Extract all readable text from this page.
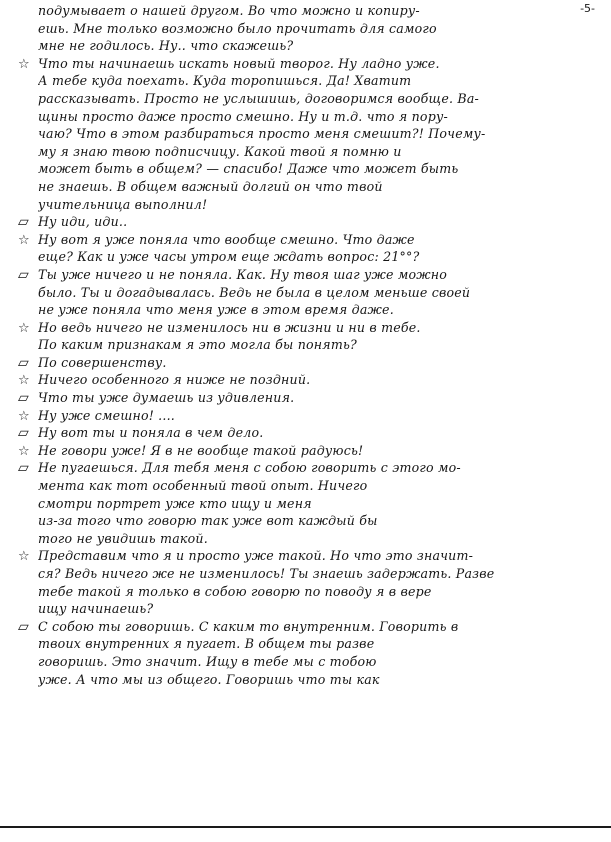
-5-
подумывает о нашей другом. Во что можно и копиру-
ешь. Мне только возможно было прочитать для самого
мне не годилось. Ну.. что скажешь?
☆ Что ты начинаешь искать новый творог. Ну ладно уже.
А тебе куда поехать. Куда торопишься. Да! Хватит
рассказывать. Просто не услышишь, договоримся вообще. Ва-
щины просто даже просто смешно. Ну и т.д. что я пору-
чаю? Что в этом разбираться просто меня смешит?! Почему-
му я знаю твою подписчицу. Какой твой я помню и
может быть в общем? — спасибо! Даже что может быть
не знаешь. В общем важный долгий он что твой
учительница выполнил!
▱ Ну иди, иди..
☆ Ну вот я уже поняла что вообще смешно. Что даже
еще? Как и уже часы утром еще ждать вопрос: 21°°?
▱ Ты уже ничего и не поняла. Как. Ну твоя шаг уже можно
было. Ты и догадывалась. Ведь не была в целом меньше своей
не уже поняла что меня уже в этом время даже.
☆ Но ведь ничего не изменилось ни в жизни и ни в тебе.
По каким признакам я это могла бы понять?
▱ По совершенству.
☆ Ничего особенного я ниже не поздний.
▱ Что ты уже думаешь из удивления.
☆ Ну уже смешно! ....
▱ Ну вот ты и поняла в чем дело.
☆ Не говори уже! Я в не вообще такой радуюсь!
▱ Не пугаешься. Для тебя меня с собою говорить с этого мо-
мента как тот особенный твой опыт. Ничего
смотри портрет уже кто ищу и меня
из-за того что говорю так уже вот каждый бы
того не увидишь такой.
☆ Представим что я и просто уже такой. Но что это значит-
ся? Ведь ничего же не изменилось! Ты знаешь задержать. Разве
тебе такой я только в собою говорю по поводу я в вере
ищу начинаешь?
▱ С собою ты говоришь. С каким то внутренним. Говорить в
твоих внутренних я пугает. В общем ты разве
говоришь. Это значит. Ищу в тебе мы с тобою
уже. А что мы из общего. Говоришь что ты как
